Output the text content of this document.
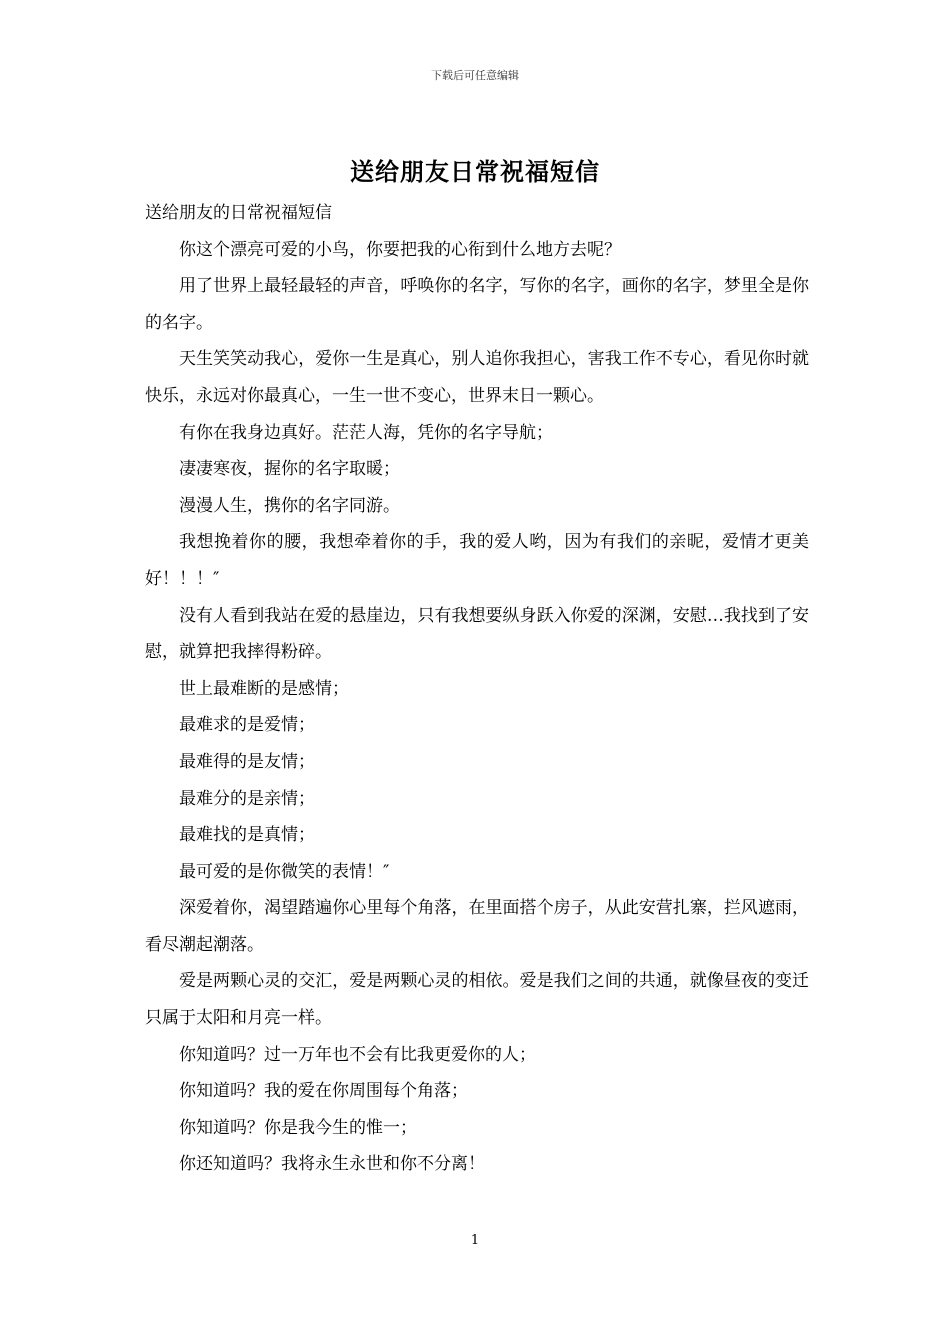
下载后可任意编辑
送给朋友日常祝福短信

送给朋友的日常祝福短信

你这个漂亮可爱的小鸟，你要把我的心衔到什么地方去呢？

用了世界上最轻最轻的声音，呼唤你的名字，写你的名字，画你的名字，梦里全是你的名字。

天生笑笑动我心，爱你一生是真心，别人追你我担心，害我工作不专心，看见你时就快乐，永远对你最真心，一生一世不变心，世界末日一颗心。

有你在我身边真好。茫茫人海，凭你的名字导航；

凄凄寒夜，握你的名字取暖；

漫漫人生，携你的名字同游。

我想挽着你的腰，我想牵着你的手，我的爱人哟，因为有我们的亲昵，爱情才更美好！！！″

没有人看到我站在爱的悬崖边，只有我想要纵身跃入你爱的深渊，安慰…我找到了安慰，就算把我摔得粉碎。

世上最难断的是感情；

最难求的是爱情；

最难得的是友情；

最难分的是亲情；

最难找的是真情；

最可爱的是你微笑的表情！″

深爱着你，渴望踏遍你心里每个角落，在里面搭个房子，从此安营扎寨，拦风遮雨，看尽潮起潮落。

爱是两颗心灵的交汇，爱是两颗心灵的相依。爱是我们之间的共通，就像昼夜的变迁只属于太阳和月亮一样。

你知道吗？过一万年也不会有比我更爱你的人；

你知道吗？我的爱在你周围每个角落；

你知道吗？你是我今生的惟一；

你还知道吗？我将永生永世和你不分离！

1
